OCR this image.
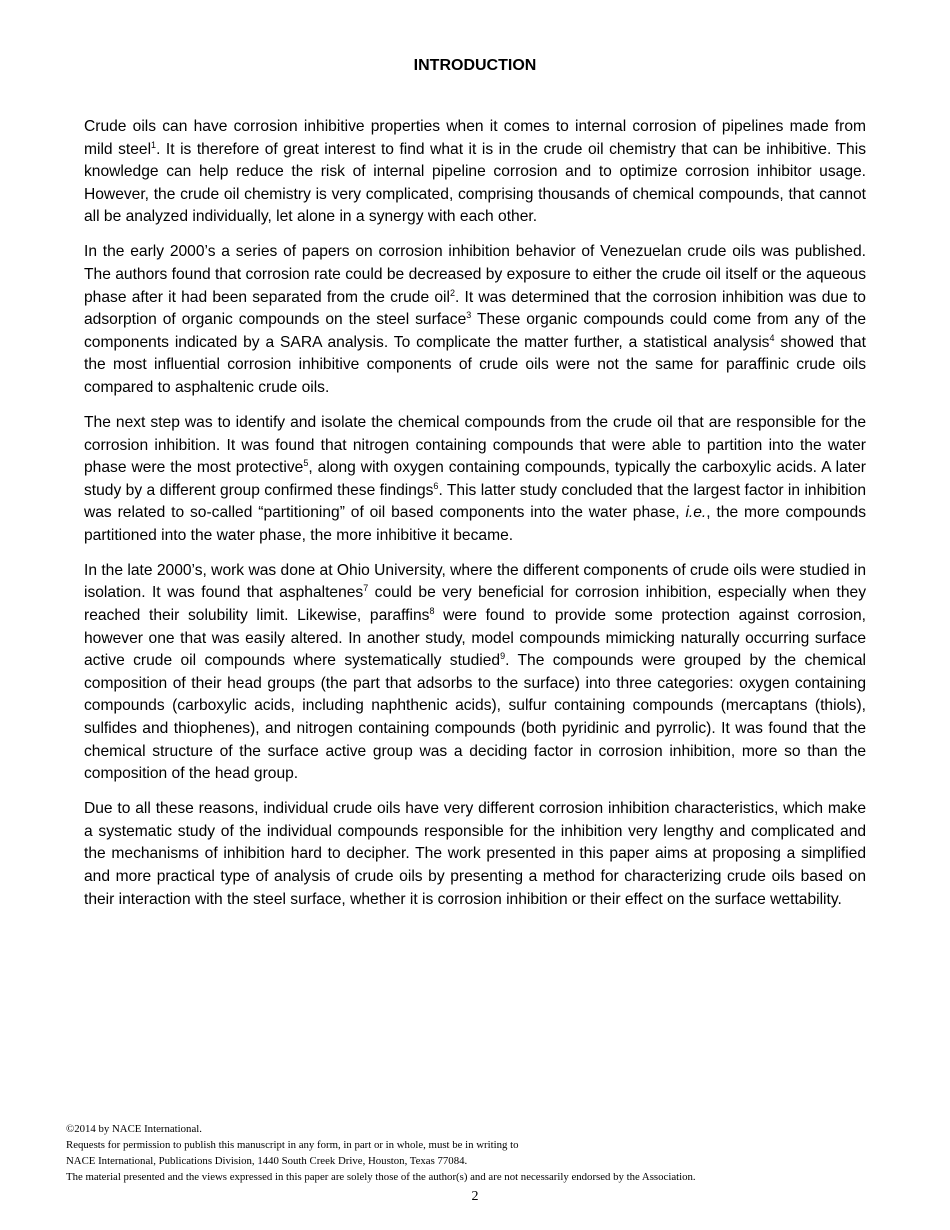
INTRODUCTION

Crude oils can have corrosion inhibitive properties when it comes to internal corrosion of pipelines made from mild steel$^1$. It is therefore of great interest to find what it is in the crude oil chemistry that can be inhibitive. This knowledge can help reduce the risk of internal pipeline corrosion and to optimize corrosion inhibitor usage. However, the crude oil chemistry is very complicated, comprising thousands of chemical compounds, that cannot all be analyzed individually, let alone in a synergy with each other.

In the early 2000’s a series of papers on corrosion inhibition behavior of Venezuelan crude oils was published. The authors found that corrosion rate could be decreased by exposure to either the crude oil itself or the aqueous phase after it had been separated from the crude oil$^2$. It was determined that the corrosion inhibition was due to adsorption of organic compounds on the steel surface$^3$ These organic compounds could come from any of the components indicated by a SARA analysis. To complicate the matter further, a statistical analysis$^4$ showed that the most influential corrosion inhibitive components of crude oils were not the same for paraffinic crude oils compared to asphaltenic crude oils.

The next step was to identify and isolate the chemical compounds from the crude oil that are responsible for the corrosion inhibition. It was found that nitrogen containing compounds that were able to partition into the water phase were the most protective$^5$, along with oxygen containing compounds, typically the carboxylic acids. A later study by a different group confirmed these findings$^6$. This latter study concluded that the largest factor in inhibition was related to so-called “partitioning” of oil based components into the water phase, i.e., the more compounds partitioned into the water phase, the more inhibitive it became.

In the late 2000’s, work was done at Ohio University, where the different components of crude oils were studied in isolation. It was found that asphaltenes$^7$ could be very beneficial for corrosion inhibition, especially when they reached their solubility limit. Likewise, paraffins$^8$ were found to provide some protection against corrosion, however one that was easily altered. In another study, model compounds mimicking naturally occurring surface active crude oil compounds where systematically studied$^9$. The compounds were grouped by the chemical composition of their head groups (the part that adsorbs to the surface) into three categories: oxygen containing compounds (carboxylic acids, including naphthenic acids), sulfur containing compounds (mercaptans (thiols), sulfides and thiophenes), and nitrogen containing compounds (both pyridinic and pyrrolic). It was found that the chemical structure of the surface active group was a deciding factor in corrosion inhibition, more so than the composition of the head group.

Due to all these reasons, individual crude oils have very different corrosion inhibition characteristics, which make a systematic study of the individual compounds responsible for the inhibition very lengthy and complicated and the mechanisms of inhibition hard to decipher. The work presented in this paper aims at proposing a simplified and more practical type of analysis of crude oils by presenting a method for characterizing crude oils based on their interaction with the steel surface, whether it is corrosion inhibition or their effect on the surface wettability.

©2014 by NACE International.
Requests for permission to publish this manuscript in any form, in part or in whole, must be in writing to
NACE International, Publications Division, 1440 South Creek Drive, Houston, Texas 77084.
The material presented and the views expressed in this paper are solely those of the author(s) and are not necessarily endorsed by the Association.
2
